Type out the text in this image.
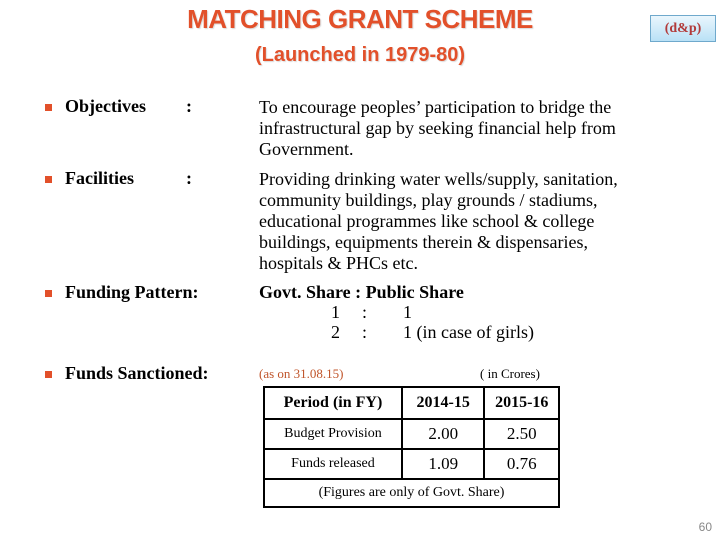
MATCHING GRANT SCHEME
(Launched in 1979-80)
(d&p)
Objectives :	To encourage peoples’ participation to bridge the
infrastructural gap by seeking financial help from
Government.
Facilities	:	Providing drinking water wells/supply, sanitation,
community buildings, play grounds / stadiums,
educational programmes like school & college
buildings, equipments therein & dispensaries,
hospitals & PHCs etc.
Funding Pattern:	Govt. Share : Public Share
1 : 1
2 : 1 (in case of girls)
Funds Sanctioned:	(as on 31.08.15)	( in Crores)
Period (in FY)	2014-15	2015-16
Budget Provision	2.00	2.50
Funds released	1.09	0.76
(Figures are only of Govt. Share)		
60
